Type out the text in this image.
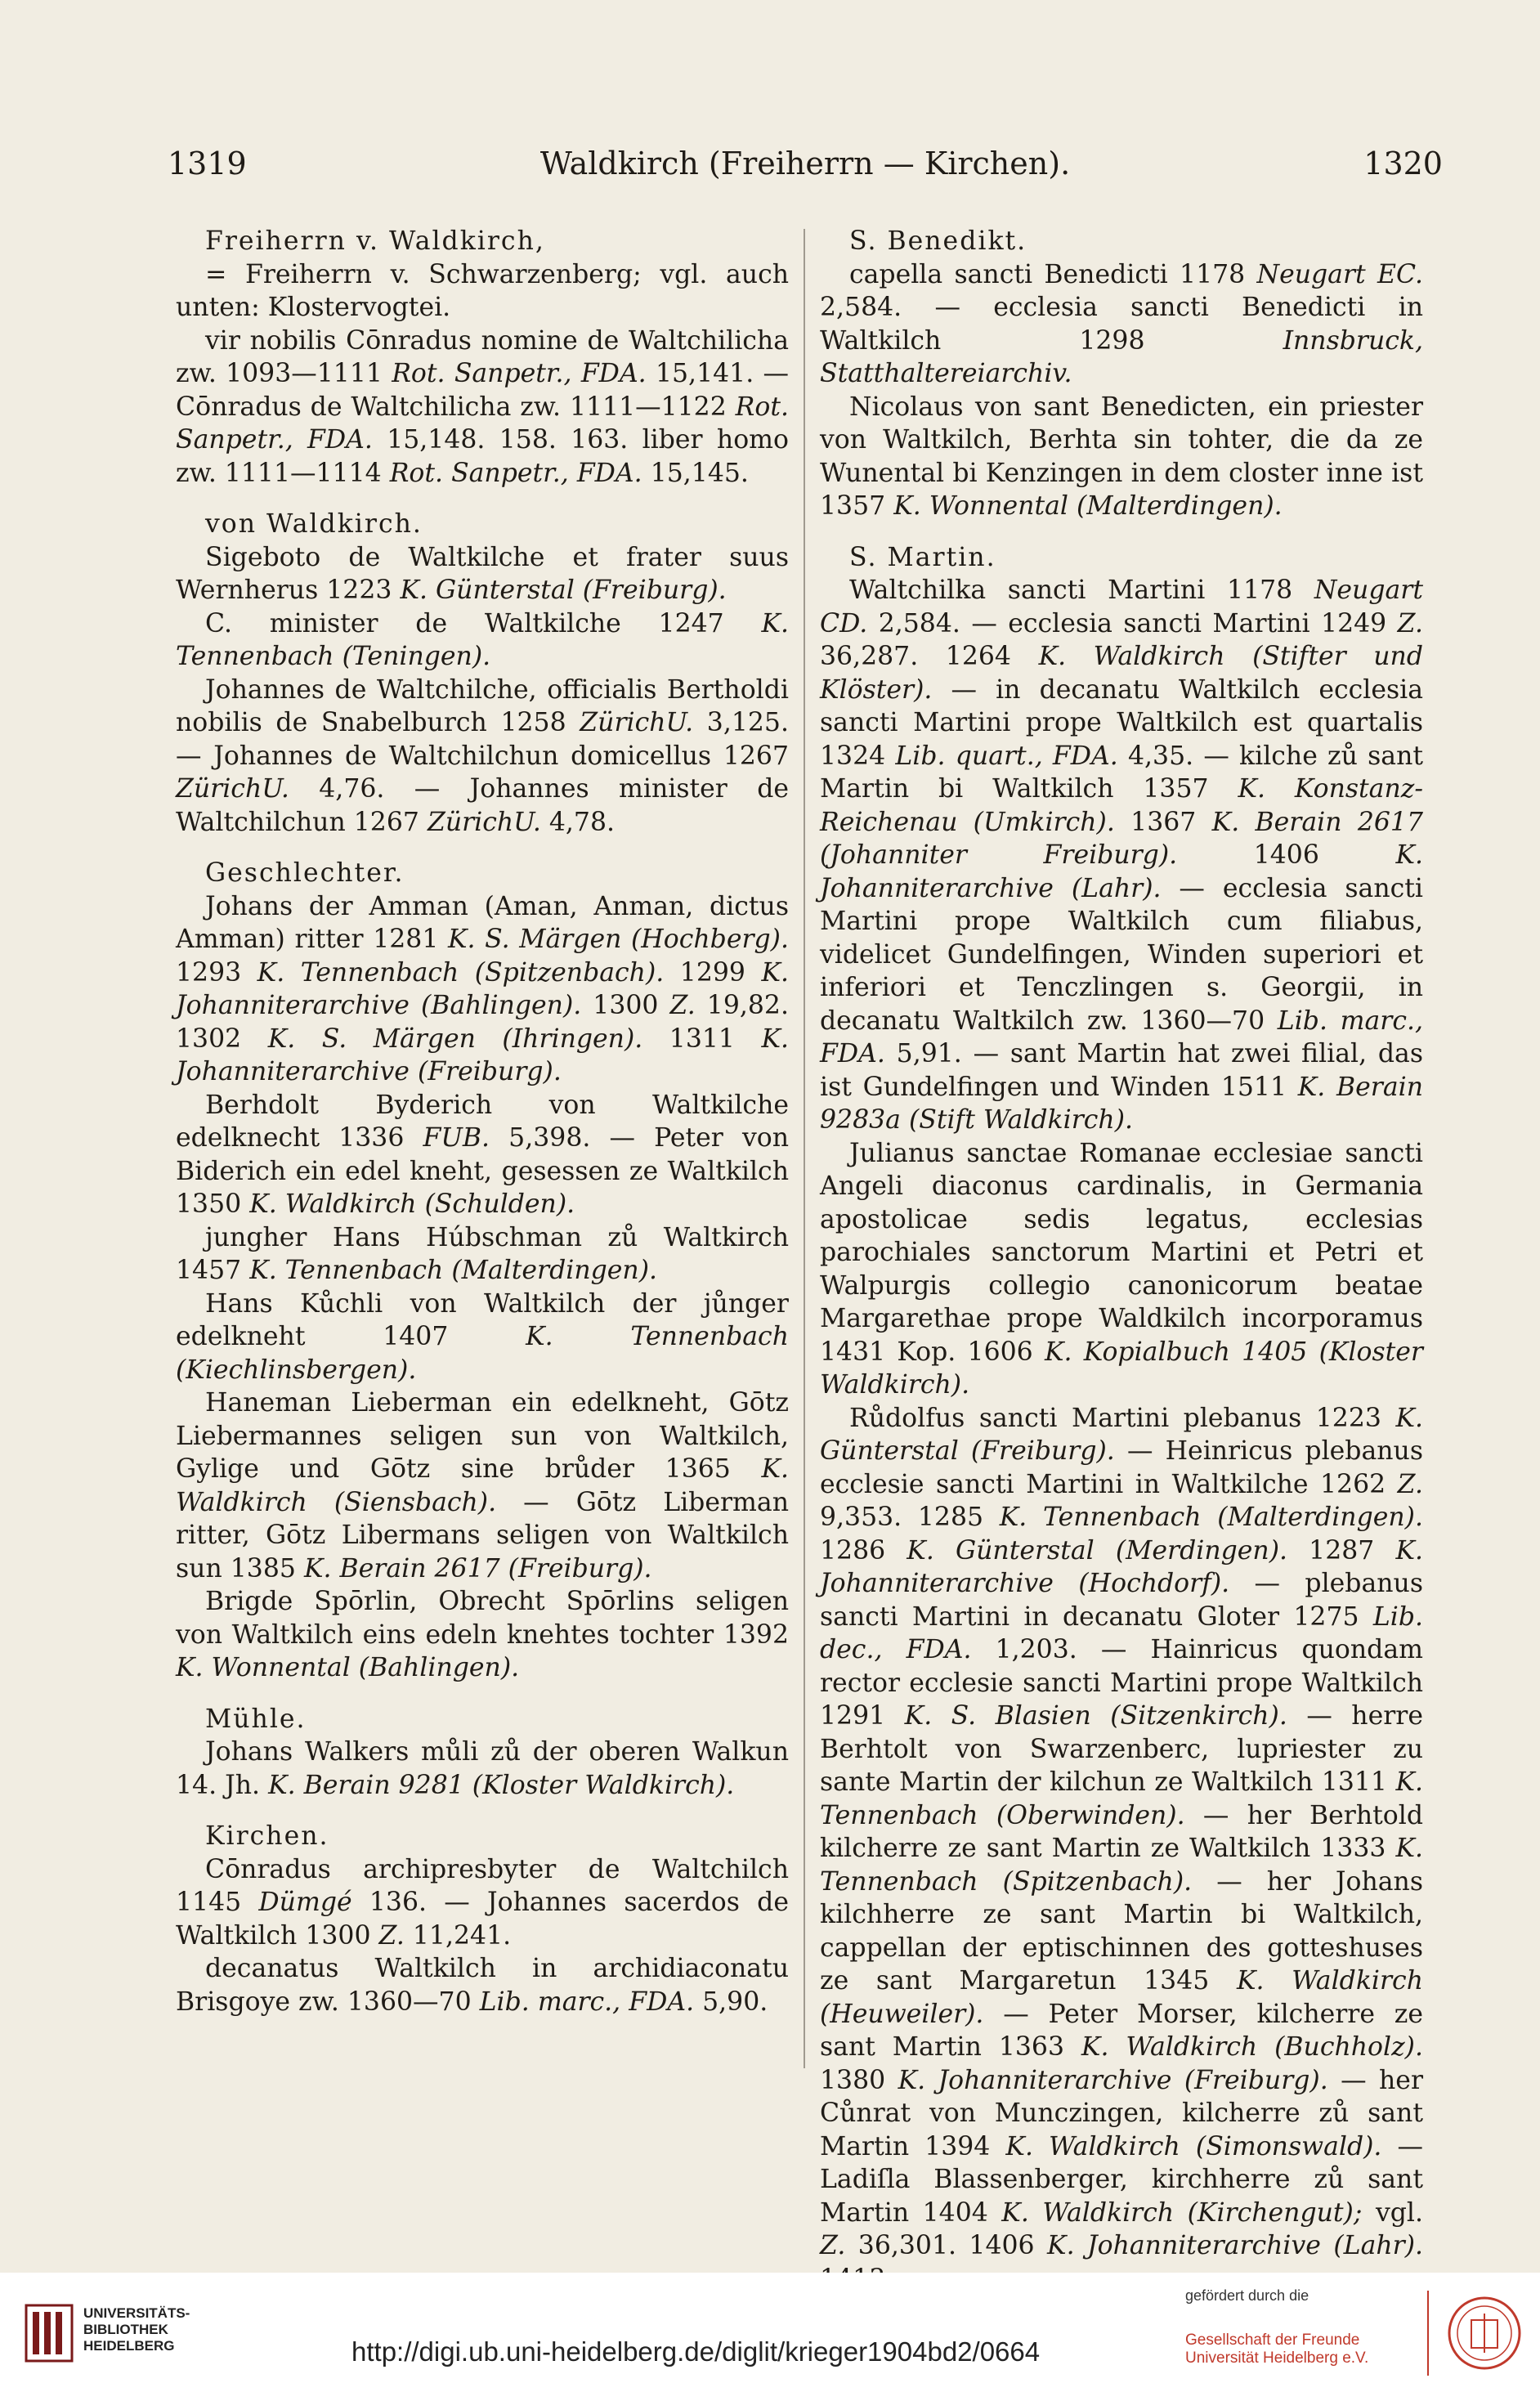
1319	Waldkirch (Freiherrn — Kirchen).	1320

Freiherrn v. Waldkirch,

= Freiherrn v. Schwarzenberg; vgl. auch unten: Klostervogtei.

vir nobilis Cōnradus nomine de Waltchilicha zw. 1093—1111 Rot. Sanpetr., FDA. 15,141. — Cōnradus de Waltchilicha zw. 1111—1122 Rot. Sanpetr., FDA. 15,148. 158. 163. liber homo zw. 1111—1114 Rot. Sanpetr., FDA. 15,145.

von Waldkirch.

Sigeboto de Waltkilche et frater suus Wernherus 1223 K. Günterstal (Freiburg).

C. minister de Waltkilche 1247 K. Tennenbach (Teningen).

Johannes de Waltchilche, officialis Bertholdi nobilis de Snabelburch 1258 ZürichU. 3,125. — Johannes de Waltchilchun domicellus 1267 ZürichU. 4,76. — Johannes minister de Waltchilchun 1267 ZürichU. 4,78.

Geschlechter.

Johans der Amman (Aman, Anman, dictus Amman) ritter 1281 K. S. Märgen (Hochberg). 1293 K. Tennenbach (Spitzenbach). 1299 K. Johanniterarchive (Bahlingen). 1300 Z. 19,82. 1302 K. S. Märgen (Ihringen). 1311 K. Johanniterarchive (Freiburg).

Berhdolt Byderich von Waltkilche edelknecht 1336 FUB. 5,398. — Peter von Biderich ein edel kneht, gesessen ze Waltkilch 1350 K. Waldkirch (Schulden).

jungher Hans Húbschman zů Waltkirch 1457 K. Tennenbach (Malterdingen).

Hans Kůchli von Waltkilch der jůnger edelkneht 1407 K. Tennenbach (Kiechlinsbergen).

Haneman Lieberman ein edelkneht, Gōtz Liebermannes seligen sun von Waltkilch, Gylige und Gōtz sine brůder 1365 K. Waldkirch (Siensbach). — Gōtz Liberman ritter, Gōtz Libermans seligen von Waltkilch sun 1385 K. Berain 2617 (Freiburg).

Brigde Spōrlin, Obrecht Spōrlins seligen von Waltkilch eins edeln knehtes tochter 1392 K. Wonnental (Bahlingen).

Mühle.

Johans Walkers můli zů der oberen Walkun 14. Jh. K. Berain 9281 (Kloster Waldkirch).

Kirchen.

Cōnradus archipresbyter de Waltchilch 1145 Dümgé 136. — Johannes sacerdos de Waltkilch 1300 Z. 11,241.

decanatus Waltkilch in archidiaconatu Brisgoye zw. 1360—70 Lib. marc., FDA. 5,90.

S. Benedikt.

capella sancti Benedicti 1178 Neugart EC. 2,584. — ecclesia sancti Benedicti in Waltkilch 1298 Innsbruck, Statthaltereiarchiv.

Nicolaus von sant Benedicten, ein priester von Waltkilch, Berhta sin tohter, die da ze Wunental bi Kenzingen in dem closter inne ist 1357 K. Wonnental (Malterdingen).

S. Martin.

Waltchilka sancti Martini 1178 Neugart CD. 2,584. — ecclesia sancti Martini 1249 Z. 36,287. 1264 K. Waldkirch (Stifter und Klöster). — in decanatu Waltkilch ecclesia sancti Martini prope Waltkilch est quartalis 1324 Lib. quart., FDA. 4,35. — kilche zů sant Martin bi Waltkilch 1357 K. Konstanz-Reichenau (Umkirch). 1367 K. Berain 2617 (Johanniter Freiburg). 1406 K. Johanniterarchive (Lahr). — ecclesia sancti Martini prope Waltkilch cum filiabus, videlicet Gundelfingen, Winden superiori et inferiori et Tenczlingen s. Georgii, in decanatu Waltkilch zw. 1360—70 Lib. marc., FDA. 5,91. — sant Martin hat zwei filial, das ist Gundelfingen und Winden 1511 K. Berain 9283a (Stift Waldkirch).

Julianus sanctae Romanae ecclesiae sancti Angeli diaconus cardinalis, in Germania apostolicae sedis legatus, ecclesias parochiales sanctorum Martini et Petri et Walpurgis collegio canonicorum beatae Margarethae prope Waldkilch incorporamus 1431 Kop. 1606 K. Kopialbuch 1405 (Kloster Waldkirch).

Růdolfus sancti Martini plebanus 1223 K. Günterstal (Freiburg). — Heinricus plebanus ecclesie sancti Martini in Waltkilche 1262 Z. 9,353. 1285 K. Tennenbach (Malterdingen). 1286 K. Günterstal (Merdingen). 1287 K. Johanniterarchive (Hochdorf). — plebanus sancti Martini in decanatu Gloter 1275 Lib. dec., FDA. 1,203. — Hainricus quondam rector ecclesie sancti Martini prope Waltkilch 1291 K. S. Blasien (Sitzenkirch). — herre Berhtolt von Swarzenberc, lupriester zu sante Martin der kilchun ze Waltkilch 1311 K. Tennenbach (Oberwinden). — her Berhtold kilcherre ze sant Martin ze Waltkilch 1333 K. Tennenbach (Spitzenbach). — her Johans kilchherre ze sant Martin bi Waltkilch, cappellan der eptischinnen des gotteshuses ze sant Margaretun 1345 K. Waldkirch (Heuweiler). — Peter Morser, kilcherre ze sant Martin 1363 K. Waldkirch (Buchholz). 1380 K. Johanniterarchive (Freiburg). — her Cůnrat von Munczingen, kilcherre zů sant Martin 1394 K. Waldkirch (Simonswald). — Ladiſla Blassenberger, kirchherre zů sant Martin 1404 K. Waldkirch (Kirchengut); vgl. Z. 36,301. 1406 K. Johanniterarchive (Lahr).

UNIVERSITÄTS-
BIBLIOTHEK
HEIDELBERG	http://digi.ub.uni-heidelberg.de/diglit/krieger1904bd2/0664
gefördert durch die
Gesellschaft der Freunde
Universität Heidelberg e.V.
